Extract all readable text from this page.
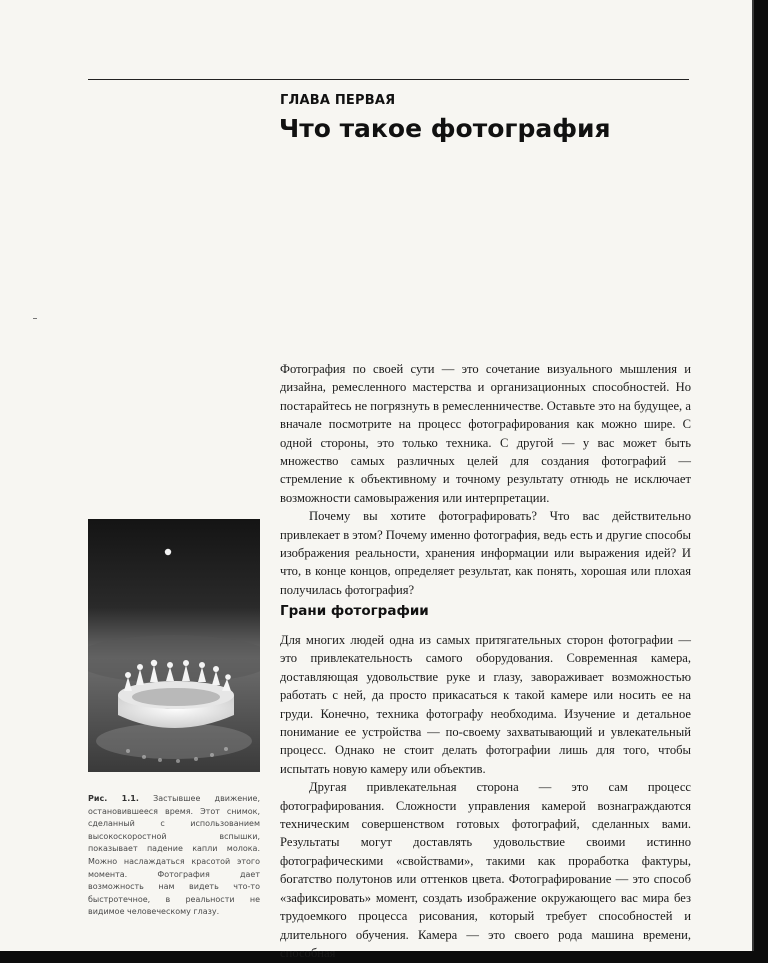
ГЛАВА ПЕРВАЯ
Что такое фотография

Фотография по своей сути — это сочетание визуального мышления и дизайна, ремесленного мастерства и организационных способностей. Но постарайтесь не погрязнуть в ремесленничестве. Оставьте это на будущее, а вначале посмотрите на процесс фотографирования как можно шире. С одной стороны, это только техника. С другой — у вас может быть множество самых различных целей для создания фотографий — стремление к объективному и точному результату отнюдь не исключает возможности самовыражения или интерпретации.

Почему вы хотите фотографировать? Что вас действительно привлекает в этом? Почему именно фотография, ведь есть и другие способы изображения реальности, хранения информации или выражения идей? И что, в конце концов, определяет результат, как понять, хорошая или плохая получилась фотография?

Рис. 1.1. Застывшее движение, остановившееся время. Этот снимок, сделанный с использованием высокоскоростной вспышки, показывает падение капли молока. Можно наслаждаться красотой этого момента. Фотография дает возможность нам видеть что-то быстротечное, в реальности не видимое человеческому глазу.
Грани фотографии

Для многих людей одна из самых притягательных сторон фотографии — это привлекательность самого оборудования. Современная камера, доставляющая удовольствие руке и глазу, завораживает возможностью работать с ней, да просто прикасаться к такой камере или носить ее на груди. Конечно, техника фотографу необходима. Изучение и детальное понимание ее устройства — по-своему захватывающий и увлекательный процесс. Однако не стоит делать фотографии лишь для того, чтобы испытать новую камеру или объектив.

Другая привлекательная сторона — это сам процесс фотографирования. Сложности управления камерой вознаграждаются техническим совершенством готовых фотографий, сделанных вами. Результаты могут доставлять удовольствие своими истинно фотографическими «свойствами», такими как проработка фактуры, богатство полутонов или оттенков цвета. Фотографирование — это способ «зафиксировать» момент, создать изображение окружающего вас мира без трудоемкого процесса рисования, который требует способностей и длительного обучения. Камера — это своего рода машина времени, способная
